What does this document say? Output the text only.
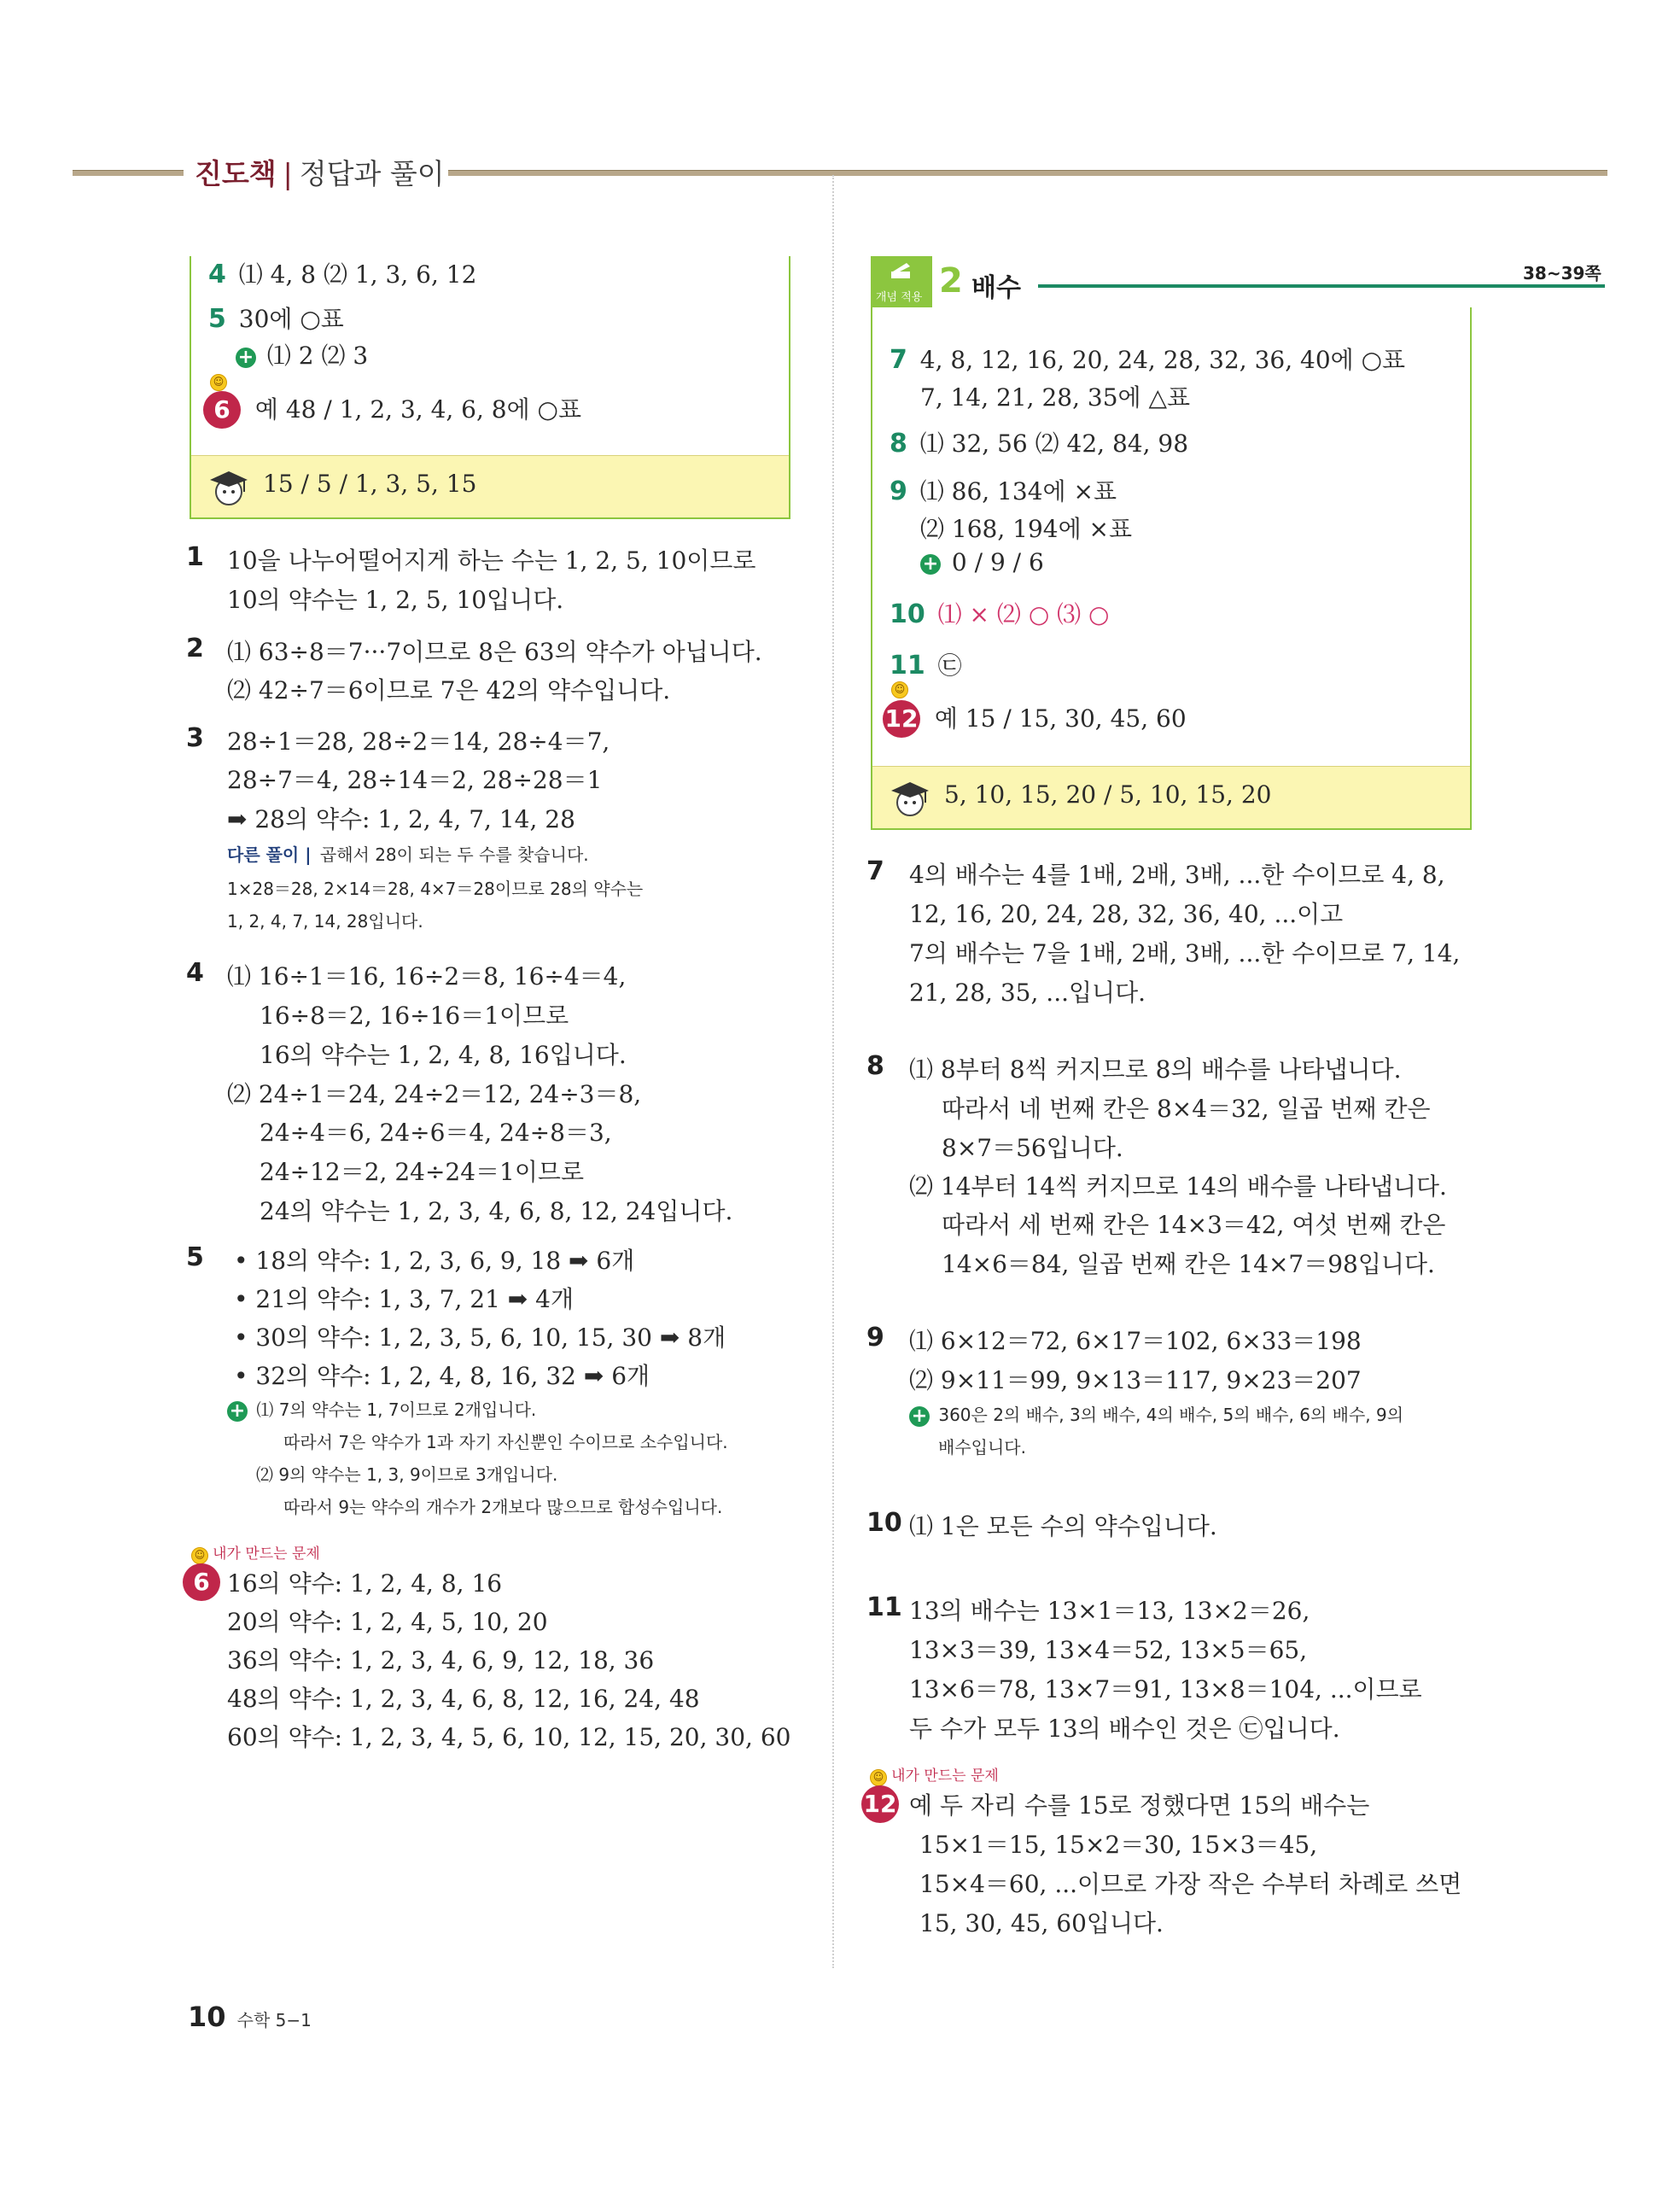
진도책 | 정답과 풀이
4 ⑴ 4, 8 ⑵ 1, 3, 6, 12
5 30에 ○표
+ ⑴ 2 ⑵ 3
☺
6 예 48 / 1, 2, 3, 4, 6, 8에 ○표
15 / 5 / 1, 3, 5, 15
1 10을 나누어떨어지게 하는 수는 1, 2, 5, 10이므로
10의 약수는 1, 2, 5, 10입니다.
2 ⑴ 63÷8＝7···7이므로 8은 63의 약수가 아닙니다.
⑵ 42÷7＝6이므로 7은 42의 약수입니다.
3 28÷1＝28, 28÷2＝14, 28÷4＝7,
28÷7＝4, 28÷14＝2, 28÷28＝1
➡ 28의 약수: 1, 2, 4, 7, 14, 28
다른 풀이 | 곱해서 28이 되는 두 수를 찾습니다.
1×28＝28, 2×14＝28, 4×7＝28이므로 28의 약수는
1, 2, 4, 7, 14, 28입니다.
4 ⑴ 16÷1＝16, 16÷2＝8, 16÷4＝4,
16÷8＝2, 16÷16＝1이므로
16의 약수는 1, 2, 4, 8, 16입니다.
⑵ 24÷1＝24, 24÷2＝12, 24÷3＝8,
24÷4＝6, 24÷6＝4, 24÷8＝3,
24÷12＝2, 24÷24＝1이므로
24의 약수는 1, 2, 3, 4, 6, 8, 12, 24입니다.
5 • 18의 약수: 1, 2, 3, 6, 9, 18 ➡ 6개
• 21의 약수: 1, 3, 7, 21 ➡ 4개
• 30의 약수: 1, 2, 3, 5, 6, 10, 15, 30 ➡ 8개
• 32의 약수: 1, 2, 4, 8, 16, 32 ➡ 6개
+ ⑴ 7의 약수는 1, 7이므로 2개입니다.
따라서 7은 약수가 1과 자기 자신뿐인 수이므로 소수입니다.
⑵ 9의 약수는 1, 3, 9이므로 3개입니다.
따라서 9는 약수의 개수가 2개보다 많으므로 합성수입니다.
☺ 내가 만드는 문제
6 16의 약수: 1, 2, 4, 8, 16
20의 약수: 1, 2, 4, 5, 10, 20
36의 약수: 1, 2, 3, 4, 6, 9, 12, 18, 36
48의 약수: 1, 2, 3, 4, 6, 8, 12, 16, 24, 48
60의 약수: 1, 2, 3, 4, 5, 6, 10, 12, 15, 20, 30, 60
개념 적용 2 배수	38~39쪽
7 4, 8, 12, 16, 20, 24, 28, 32, 36, 40에 ○표
7, 14, 21, 28, 35에 △표
8 ⑴ 32, 56 ⑵ 42, 84, 98
9 ⑴ 86, 134에 ×표
⑵ 168, 194에 ×표
+ 0 / 9 / 6
10 ⑴ × ⑵ ○ ⑶ ○
11 ㉢
☺
12 예 15 / 15, 30, 45, 60
5, 10, 15, 20 / 5, 10, 15, 20
7 4의 배수는 4를 1배, 2배, 3배, ...한 수이므로 4, 8,
12, 16, 20, 24, 28, 32, 36, 40, ...이고
7의 배수는 7을 1배, 2배, 3배, ...한 수이므로 7, 14,
21, 28, 35, ...입니다.
8 ⑴ 8부터 8씩 커지므로 8의 배수를 나타냅니다.
따라서 네 번째 칸은 8×4＝32, 일곱 번째 칸은
8×7＝56입니다.
⑵ 14부터 14씩 커지므로 14의 배수를 나타냅니다.
따라서 세 번째 칸은 14×3＝42, 여섯 번째 칸은
14×6＝84, 일곱 번째 칸은 14×7＝98입니다.
9 ⑴ 6×12＝72, 6×17＝102, 6×33＝198
⑵ 9×11＝99, 9×13＝117, 9×23＝207
+ 360은 2의 배수, 3의 배수, 4의 배수, 5의 배수, 6의 배수, 9의
배수입니다.
10 ⑴ 1은 모든 수의 약수입니다.
11 13의 배수는 13×1＝13, 13×2＝26,
13×3＝39, 13×4＝52, 13×5＝65,
13×6＝78, 13×7＝91, 13×8＝104, ...이므로
두 수가 모두 13의 배수인 것은 ㉢입니다.
☺ 내가 만드는 문제
12 예 두 자리 수를 15로 정했다면 15의 배수는
15×1＝15, 15×2＝30, 15×3＝45,
15×4＝60, ...이므로 가장 작은 수부터 차례로 쓰면
15, 30, 45, 60입니다.
10 수학 5−1
